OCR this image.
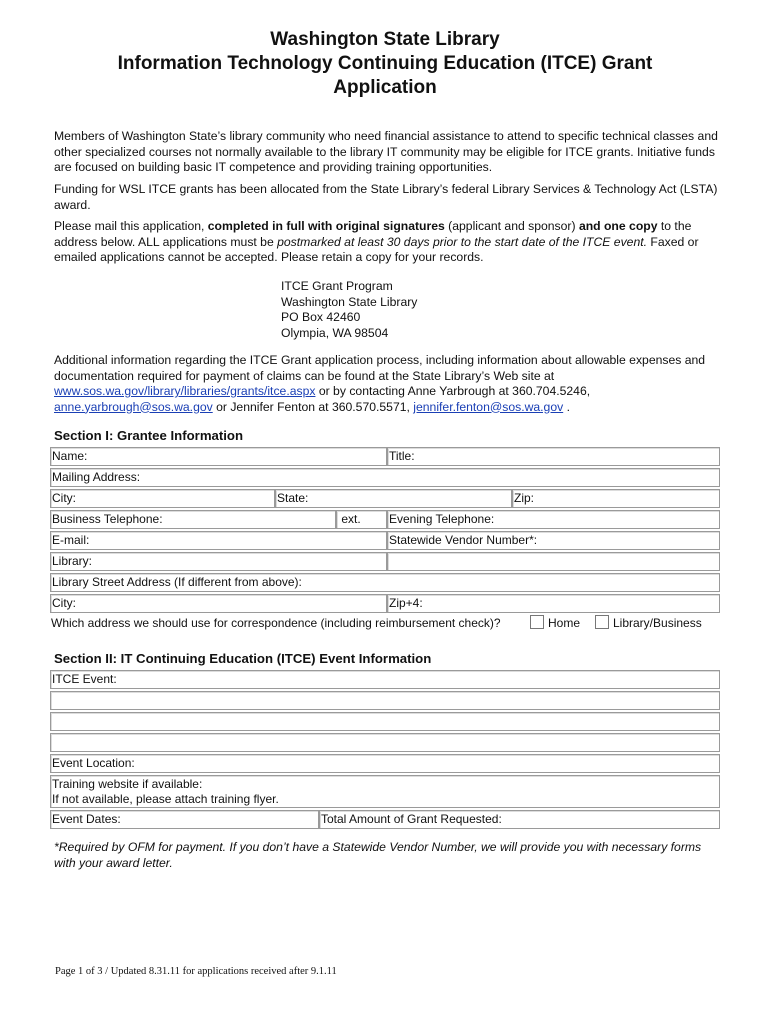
Washington State Library
Information Technology Continuing Education (ITCE) Grant
Application
Members of Washington State’s library community who need financial assistance to attend to specific technical classes and other specialized courses not normally available to the library IT community may be eligible for ITCE grants. Initiative funds are focused on building basic IT competence and providing training opportunities.
Funding for WSL ITCE grants has been allocated from the State Library’s federal Library Services & Technology Act (LSTA) award.
Please mail this application, completed in full with original signatures (applicant and sponsor) and one copy to the address below. ALL applications must be postmarked at least 30 days prior to the start date of the ITCE event. Faxed or emailed applications cannot be accepted. Please retain a copy for your records.
ITCE Grant Program
Washington State Library
PO Box 42460
Olympia, WA 98504
Additional information regarding the ITCE Grant application process, including information about allowable expenses and documentation required for payment of claims can be found at the State Library’s Web site at www.sos.wa.gov/library/libraries/grants/itce.aspx or by contacting Anne Yarbrough at 360.704.5246, anne.yarbrough@sos.wa.gov or Jennifer Fenton at 360.570.5571, jennifer.fenton@sos.wa.gov .
Section I: Grantee Information
Name:	Title:
Mailing Address:
City:	State:	Zip:
Business Telephone:	ext.	Evening Telephone:
E-mail:	Statewide Vendor Number*:
Library:
Library Street Address (If different from above):
City:	Zip+4:
Which address we should use for correspondence (including reimbursement check)?	Home	Library/Business
Section II: IT Continuing Education (ITCE) Event Information
ITCE Event:
Event Location:
Training website if available:
If not available, please attach training flyer.
Event Dates:	Total Amount of Grant Requested:
*Required by OFM for payment. If you don’t have a Statewide Vendor Number, we will provide you with necessary forms with your award letter.
Page 1 of 3 / Updated 8.31.11 for applications received after 9.1.11
